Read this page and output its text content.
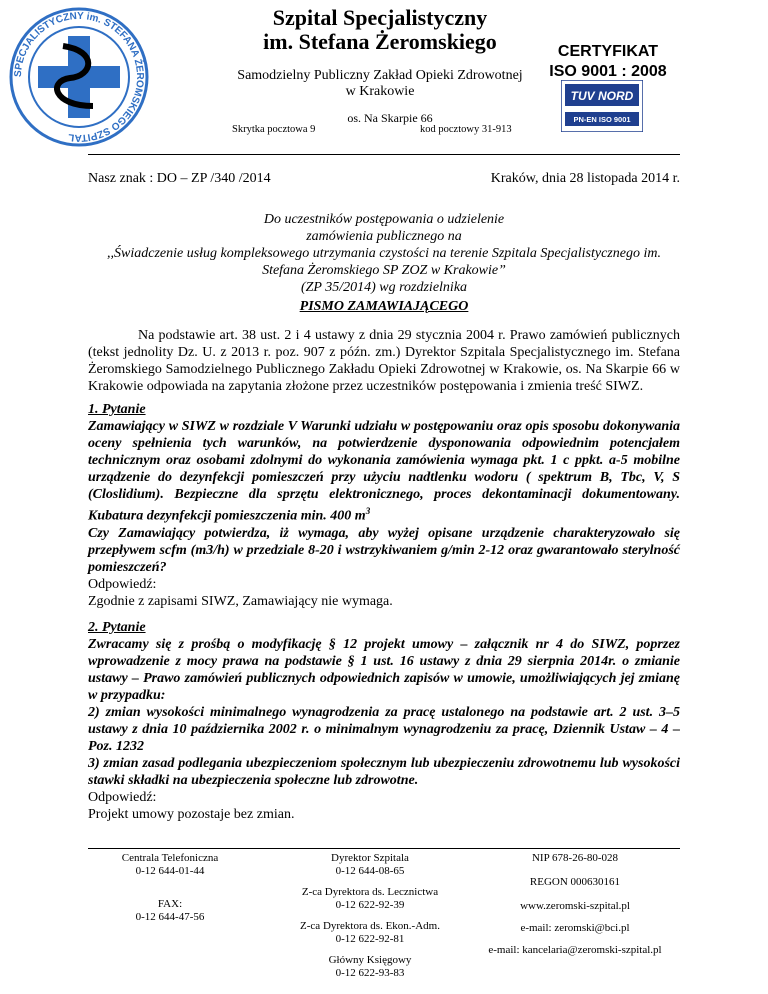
SPECJALISTYCZNY im. STEFANA ŻEROMSKIEGO SZPITAL
Szpital Specjalistyczny
im. Stefana Żeromskiego
Samodzielny Publiczny Zakład Opieki Zdrowotnej
w Krakowie
os. Na Skarpie 66
Skrytka pocztowa 9	kod pocztowy 31-913
CERTYFIKAT
ISO 9001 : 2008
TUV NORD
PN-EN ISO 9001
Nasz znak : DO – ZP /340 /2014	Kraków, dnia 28 listopada 2014 r.
Do uczestników postępowania o udzielenie
zamówienia publicznego na
,,Świadczenie usług kompleksowego utrzymania czystości na terenie Szpitala Specjalistycznego im.
Stefana Żeromskiego SP ZOZ w Krakowie”
(ZP 35/2014) wg rozdzielnika
PISMO ZAMAWIAJĄCEGO
Na podstawie art. 38 ust. 2 i 4 ustawy z dnia 29 stycznia 2004 r. Prawo zamówień publicznych (tekst jednolity Dz. U. z 2013 r. poz. 907 z późn. zm.) Dyrektor Szpitala Specjalistycznego im. Stefana Żeromskiego Samodzielnego Publicznego Zakładu Opieki Zdrowotnej w Krakowie, os. Na Skarpie 66 w Krakowie odpowiada na zapytania złożone przez uczestników postępowania i zmienia treść SIWZ.
1. Pytanie
Zamawiający w SIWZ w rozdziale V Warunki udziału w postępowaniu oraz opis sposobu dokonywania oceny spełnienia tych warunków, na potwierdzenie dysponowania odpowiednim potencjałem technicznym oraz osobami zdolnymi do wykonania zamówienia wymaga pkt. 1 c ppkt. a-5 mobilne urządzenie do dezynfekcji pomieszczeń przy użyciu nadtlenku wodoru ( spektrum B, Tbc, V, S (Closlidium). Bezpieczne dla sprzętu elektronicznego, proces dekontaminacji dokumentowany. Kubatura dezynfekcji pomieszczenia min. 400 $m^3$
Czy Zamawiający potwierdza, iż wymaga, aby wyżej opisane urządzenie charakteryzowało się przepływem scfm (m3/h) w przedziale 8-20 i wstrzykiwaniem g/min 2-12 oraz gwarantowało sterylność pomieszczeń?
Odpowiedź:
Zgodnie z zapisami SIWZ, Zamawiający nie wymaga.
2. Pytanie
Zwracamy się z prośbą o modyfikację § 12 projekt umowy – załącznik nr 4 do SIWZ, poprzez wprowadzenie z mocy prawa na podstawie § 1 ust. 16 ustawy z dnia 29 sierpnia 2014r. o zmianie ustawy – Prawo zamówień publicznych odpowiednich zapisów w umowie, umożliwiających jej zmianę w przypadku:
2) zmian wysokości minimalnego wynagrodzenia za pracę ustalonego na podstawie art. 2 ust. 3–5 ustawy z dnia 10 października 2002 r. o minimalnym wynagrodzeniu za pracę, Dziennik Ustaw – 4 – Poz. 1232
3) zmian zasad podlegania ubezpieczeniom społecznym lub ubezpieczeniu zdrowotnemu lub wysokości stawki składki na ubezpieczenia społeczne lub zdrowotne.
Odpowiedź:
Projekt umowy pozostaje bez zmian.
Centrala Telefoniczna
0-12 644-01-44
FAX:
0-12 644-47-56
Dyrektor Szpitala
0-12 644-08-65
Z-ca Dyrektora ds. Lecznictwa
0-12 622-92-39
Z-ca Dyrektora ds. Ekon.-Adm.
0-12 622-92-81
Główny Księgowy
0-12 622-93-83
NIP 678-26-80-028
REGON 000630161
www.zeromski-szpital.pl
e-mail: zeromski@bci.pl
e-mail: kancelaria@zeromski-szpital.pl
